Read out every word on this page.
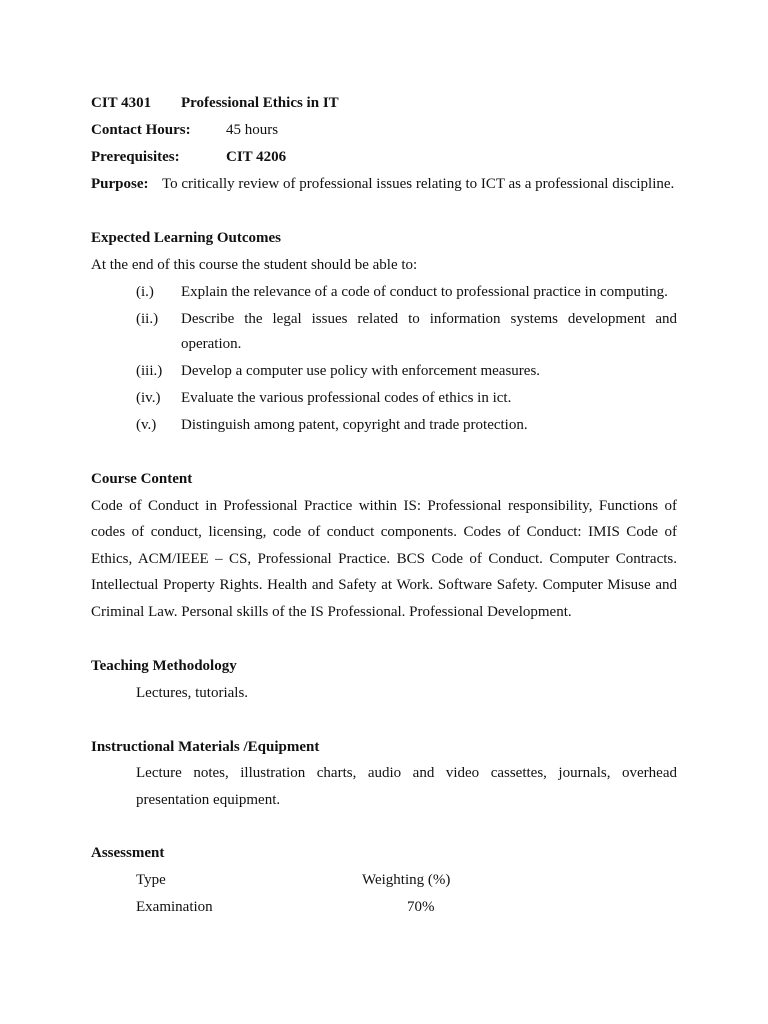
CIT 4301 Professional Ethics in IT
Contact Hours: 45 hours
Prerequisites:	CIT 4206
Purpose: To critically review of professional issues relating to ICT as a professional discipline.
Expected Learning Outcomes
At the end of this course the student should be able to:
(i.) Explain the relevance of a code of conduct to professional practice in computing.
(ii.) Describe the legal issues related to information systems development and
operation.
(iii.) Develop a computer use policy with enforcement measures.
(iv.) Evaluate the various professional codes of ethics in ict.
(v.) Distinguish among patent, copyright and trade protection.
Course Content
Code of Conduct in Professional Practice within IS: Professional responsibility, Functions of
codes of conduct, licensing, code of conduct components. Codes of Conduct: IMIS Code of
Ethics, ACM/IEEE – CS, Professional Practice. BCS Code of Conduct. Computer Contracts.
Intellectual Property Rights. Health and Safety at Work. Software Safety. Computer Misuse and
Criminal Law. Personal skills of the IS Professional. Professional Development.
Teaching Methodology
Lectures, tutorials.
Instructional Materials /Equipment
Lecture notes, illustration charts, audio and video cassettes, journals, overhead
presentation equipment.
Assessment
Type	Weighting (%)
Examination	70%
